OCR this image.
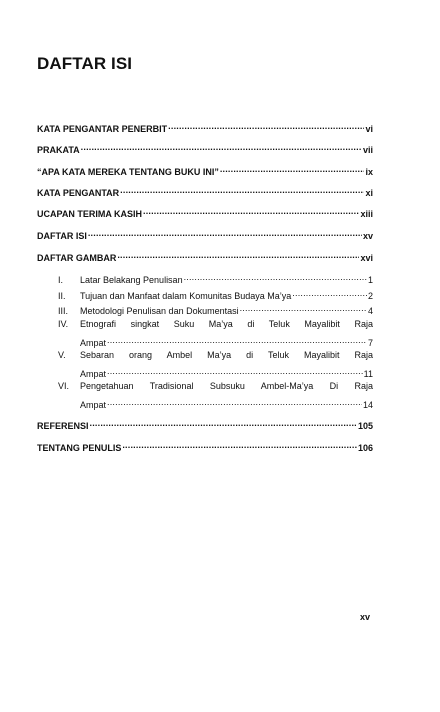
DAFTAR ISI
KATA PENGANTAR PENERBIT .....	vi
PRAKATA .....	vii
“APA KATA MEREKA TENTANG BUKU INI” .....	ix
KATA PENGANTAR .....	xi
UCAPAN TERIMA KASIH .....	xiii
DAFTAR ISI .....	xv
DAFTAR GAMBAR .....	xvi
I.	Latar Belakang Penulisan .....	1
II.	Tujuan dan Manfaat dalam Komunitas Budaya Ma’ya .....	2
III.	Metodologi Penulisan dan Dokumentasi .....	4
IV.	Etnografi singkat Suku Ma’ya di Teluk Mayalibit Raja
Ampat .....	7
V.	Sebaran orang Ambel Ma’ya di Teluk Mayalibit Raja
Ampat .....	11
VI.	Pengetahuan Tradisional Subsuku Ambel-Ma’ya Di Raja
Ampat .....	14
REFERENSI .....	105
TENTANG PENULIS .....	106
xv
